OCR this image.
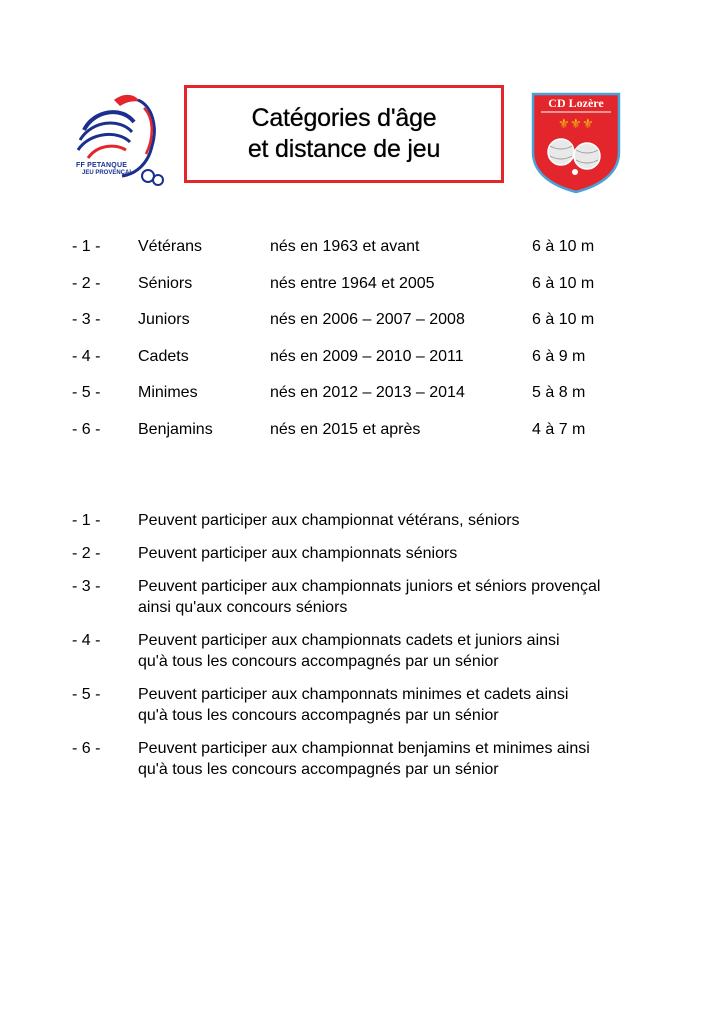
FF PETANQUE
JEU PROVENÇAL
Catégories d'âge
et distance de jeu
⚜ ⚜ ⚜
CD Lozère
- 1 - Vétérans	nés en 1963 et avant	6 à 10 m
- 2 - Séniors	nés entre 1964 et 2005	6 à 10 m
- 3 - Juniors	nés en 2006 – 2007 – 2008	6 à 10 m
- 4 - Cadets	nés en 2009 – 2010 – 2011	6 à 9 m
- 5 - Minimes	nés en 2012 – 2013 – 2014	5 à 8 m
- 6 - Benjamins	nés en 2015 et après	4 à 7 m
- 1 - Peuvent participer aux championnat vétérans, séniors
- 2 - Peuvent participer aux championnats séniors
- 3 - Peuvent participer aux championnats juniors et séniors provençal
ainsi qu'aux concours séniors
- 4 - Peuvent participer aux championnats cadets et juniors ainsi
qu'à tous les concours accompagnés par un sénior
- 5 - Peuvent participer aux champonnats minimes et cadets ainsi
qu'à tous les concours accompagnés par un sénior
- 6 - Peuvent participer aux championnat benjamins et minimes ainsi
qu'à tous les concours accompagnés par un sénior
